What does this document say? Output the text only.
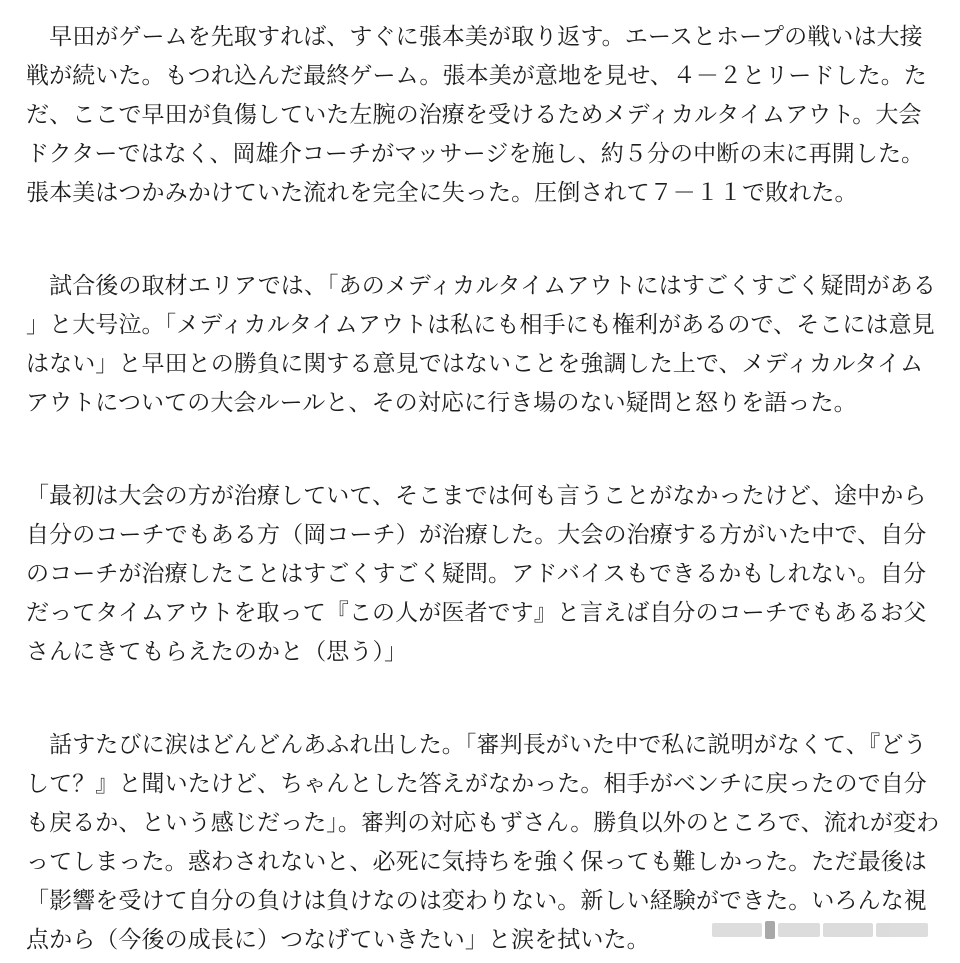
　早田がゲームを先取すれば、すぐに張本美が取り返す。エースとホープの戦いは大接戦が続いた。もつれ込んだ最終ゲーム。張本美が意地を見せ、４－２とリードした。ただ、ここで早田が負傷していた左腕の治療を受けるためメディカルタイムアウト。大会ドクターではなく、岡雄介コーチがマッサージを施し、約５分の中断の末に再開した。張本美はつかみかけていた流れを完全に失った。圧倒されて７－１１で敗れた。

　試合後の取材エリアでは、「あのメディカルタイムアウトにはすごくすごく疑問がある」と大号泣。「メディカルタイムアウトは私にも相手にも権利があるので、そこには意見はない」と早田との勝負に関する意見ではないことを強調した上で、メディカルタイムアウトについての大会ルールと、その対応に行き場のない疑問と怒りを語った。

「最初は大会の方が治療していて、そこまでは何も言うことがなかったけど、途中から自分のコーチでもある方（岡コーチ）が治療した。大会の治療する方がいた中で、自分のコーチが治療したことはすごくすごく疑問。アドバイスもできるかもしれない。自分だってタイムアウトを取って『この人が医者です』と言えば自分のコーチでもあるお父さんにきてもらえたのかと（思う）」

　話すたびに涙はどんどんあふれ出した。「審判長がいた中で私に説明がなくて、『どうして？』と聞いたけど、ちゃんとした答えがなかった。相手がベンチに戻ったので自分も戻るか、という感じだった」。審判の対応もずさん。勝負以外のところで、流れが変わってしまった。惑わされないと、必死に気持ちを強く保っても難しかった。ただ最後は「影響を受けて自分の負けは負けなのは変わりない。新しい経験ができた。いろんな視点から（今後の成長に）つなげていきたい」と涙を拭いた。
